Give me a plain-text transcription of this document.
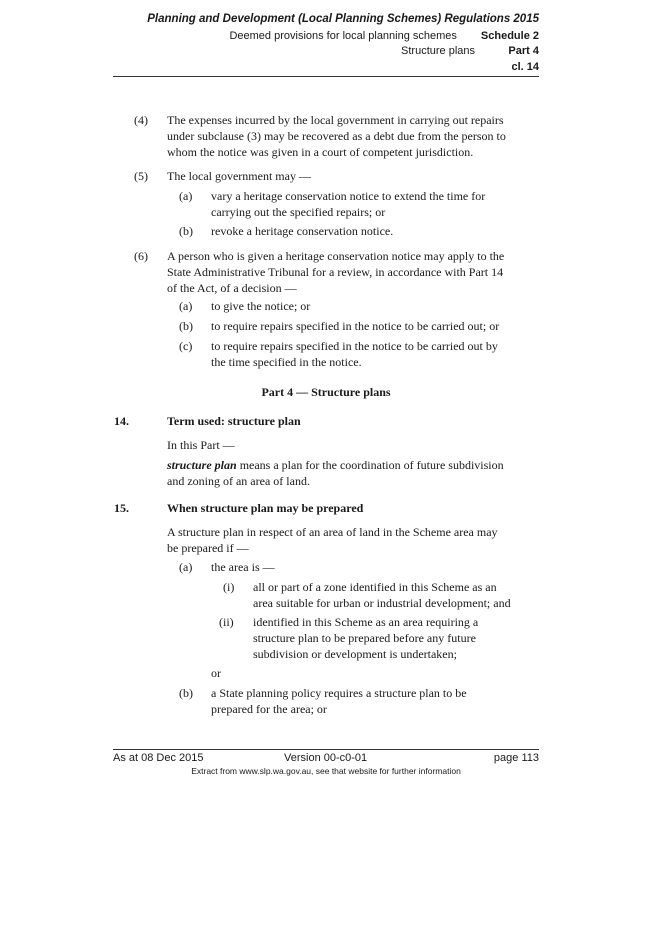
Planning and Development (Local Planning Schemes) Regulations 2015
Deemed provisions for local planning schemes Schedule 2
Structure plans	Part 4
cl. 14
(4) The expenses incurred by the local government in carrying out repairs
under subclause (3) may be recovered as a debt due from the person to
whom the notice was given in a court of competent jurisdiction.
(5) The local government may —
(a) vary a heritage conservation notice to extend the time for
carrying out the specified repairs; or
(b) revoke a heritage conservation notice.
(6) A person who is given a heritage conservation notice may apply to the
State Administrative Tribunal for a review, in accordance with Part 14
of the Act, of a decision —
(a) to give the notice; or
(b) to require repairs specified in the notice to be carried out; or
(c) to require repairs specified in the notice to be carried out by
the time specified in the notice.
Part 4 — Structure plans
14.	Term used: structure plan
In this Part —
structure plan means a plan for the coordination of future subdivision
and zoning of an area of land.
15.	When structure plan may be prepared
A structure plan in respect of an area of land in the Scheme area may
be prepared if —
(a) the area is —
(i) all or part of a zone identified in this Scheme as an
area suitable for urban or industrial development; and
(ii) identified in this Scheme as an area requiring a
structure plan to be prepared before any future
subdivision or development is undertaken;
or
(b) a State planning policy requires a structure plan to be
prepared for the area; or
As at 08 Dec 2015	Version 00-c0-01	page 113
Extract from www.slp.wa.gov.au, see that website for further information
